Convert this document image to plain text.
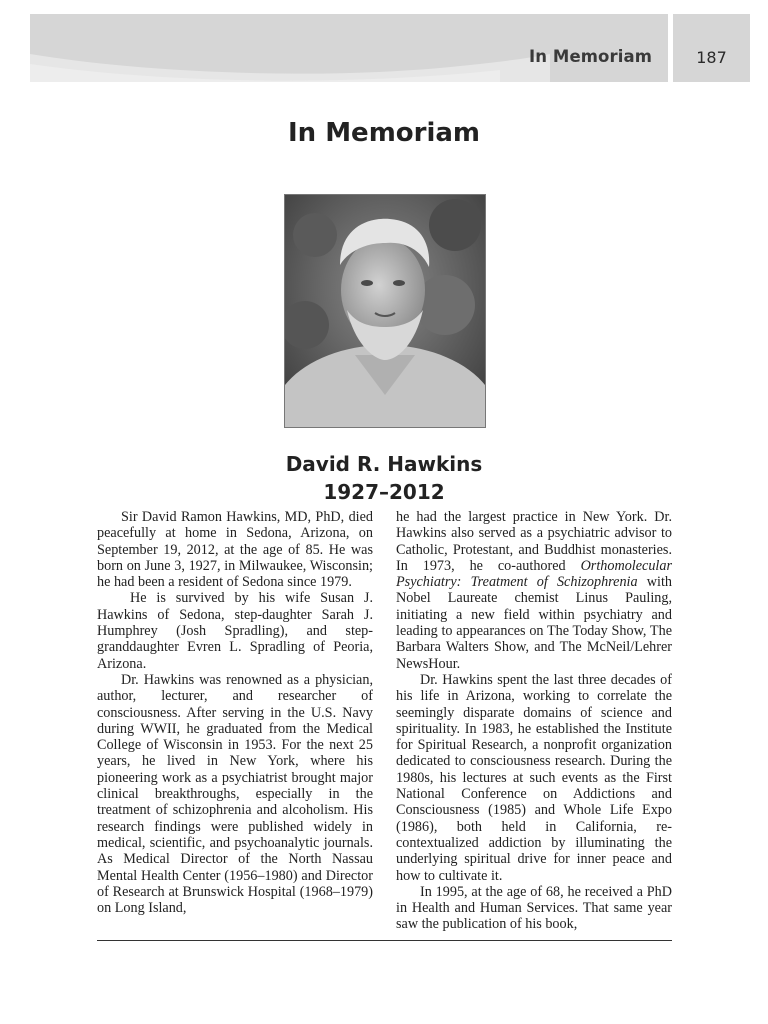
In Memoriam	187
In Memoriam
David R. Hawkins
1927–2012

Sir David Ramon Hawkins, MD, PhD, died peacefully at home in Sedona, Arizona, on September 19, 2012, at the age of 85. He was born on June 3, 1927, in Milwaukee, Wisconsin; he had been a resident of Sedona since 1979.

He is survived by his wife Susan J. Hawkins of Sedona, step-daughter Sarah J. Humphrey (Josh Spradling), and step-granddaughter Evren L. Spradling of Peoria, Arizona.

Dr. Hawkins was renowned as a physician, author, lecturer, and researcher of consciousness. After serving in the U.S. Navy during WWII, he graduated from the Medical College of Wisconsin in 1953. For the next 25 years, he lived in New York, where his pioneering work as a psychiatrist brought major clinical breakthroughs, especially in the treatment of schizophrenia and alcoholism. His research findings were published widely in medical, scientific, and psychoanalytic journals. As Medical Director of the North Nassau Mental Health Center (1956–1980) and Director of Research at Brunswick Hospital (1968–1979) on Long Island,

he had the largest practice in New York. Dr. Hawkins also served as a psychiatric advisor to Catholic, Protestant, and Buddhist monasteries. In 1973, he co-authored Orthomolecular Psychiatry: Treatment of Schizophrenia with Nobel Laureate chemist Linus Pauling, initiating a new field within psychiatry and leading to appearances on The Today Show, The Barbara Walters Show, and The McNeil/Lehrer NewsHour.

Dr. Hawkins spent the last three decades of his life in Arizona, working to correlate the seemingly disparate domains of science and spirituality. In 1983, he established the Institute for Spiritual Research, a nonprofit organization dedicated to consciousness research. During the 1980s, his lectures at such events as the First National Conference on Addictions and Consciousness (1985) and Whole Life Expo (1986), both held in California, re-contextualized addiction by illuminating the underlying spiritual drive for inner peace and how to cultivate it.

In 1995, at the age of 68, he received a PhD in Health and Human Services. That same year saw the publication of his book,
